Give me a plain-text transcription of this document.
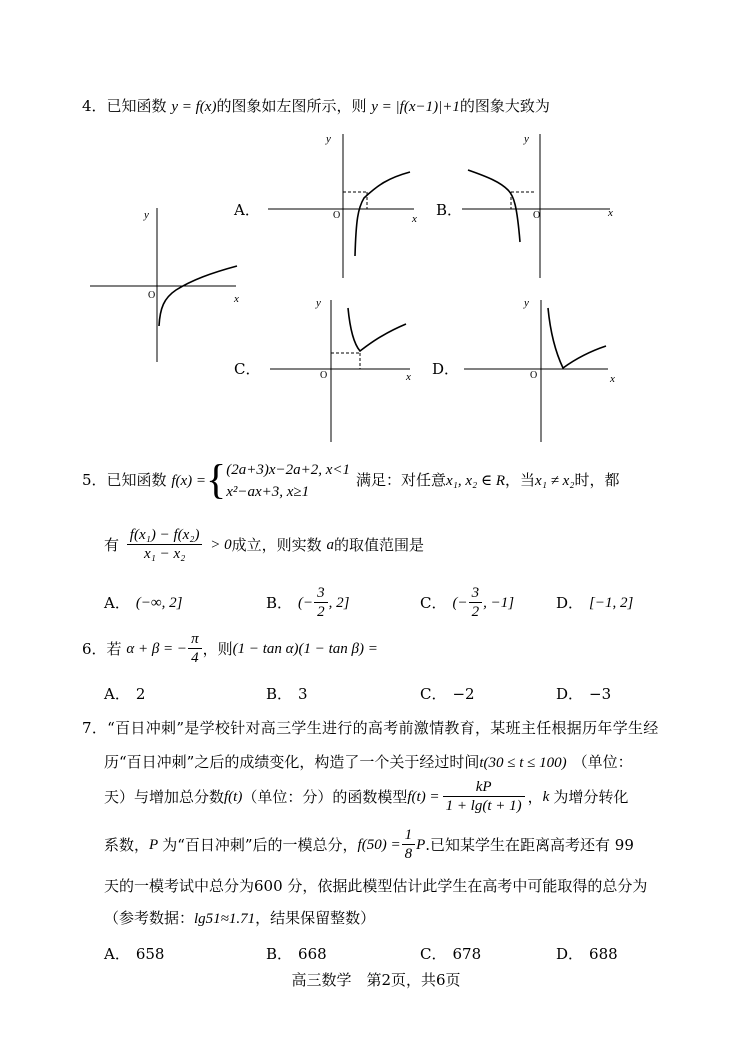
4．已知函数 y = f(x)的图象如左图所示，则 y = |f(x−1)|+1的图象大致为
y
x
O
A．
y
x
O	B．
y
x
O
C．
y
x
O	D．
y
x
O
5．已知函数 f(x) ={ (2a+3)x−2a+2, x<1
x²−ax+3, x≥1
满足：对任意x₁, x₂ ∈ R，当x₁ ≠ x₂时，都
有 $\frac{\text{f(x₁) − f(x₂)}}{\text{x₁ − x₂}} > 0$成立，则实数 a的取值范围是
A． (−∞, 2]	B． (− $\frac{3}{2}$ , 2]	C． (− $\frac{3}{2}$ , −1]	D． [−1, 2]
6．若 α + β = − $\frac{\pi}{4}$ ，则(1 − tan α)(1 − tan β) =
A． 2	B． 3	C． −2	D． −3
7．“百日冲刺”是学校针对高三学生进行的高考前激情教育，某班主任根据历年学生经
历“百日冲刺”之后的成绩变化，构造了一个关于经过时间t(30 ≤ t ≤ 100) （单位：
天）与增加总分数f(t)（单位：分）的函数模型$f(t) = \frac{kP}{1 + \lg(t + 1)}$ ，k 为增分转化
系数，P 为“百日冲刺”后的一模总分，$f(50) = \frac{1}{8} P$.已知某学生在距离高考还有 99
天的一模考试中总分为600 分，依据此模型估计此学生在高考中可能取得的总分为
（参考数据：lg51≈1.71，结果保留整数）
A． 658	B． 668	C． 678	D． 688
高三数学　第2页，共6页
